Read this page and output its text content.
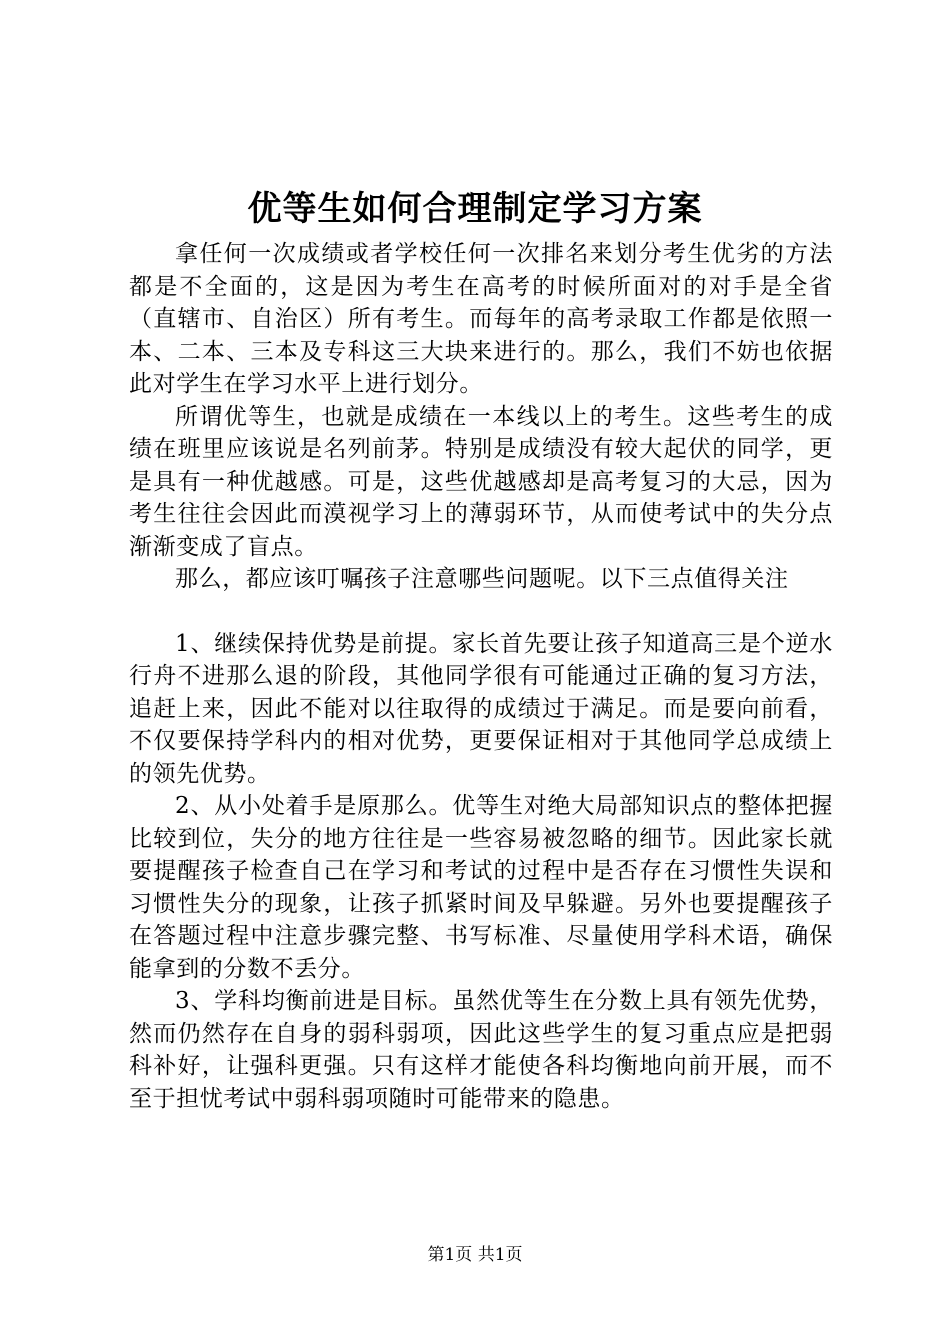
优等生如何合理制定学习方案

拿任何一次成绩或者学校任何一次排名来划分考生优劣的方法都是不全面的，这是因为考生在高考的时候所面对的对手是全省（直辖市、自治区）所有考生。而每年的高考录取工作都是依照一本、二本、三本及专科这三大块来进行的。那么，我们不妨也依据此对学生在学习水平上进行划分。

所谓优等生，也就是成绩在一本线以上的考生。这些考生的成绩在班里应该说是名列前茅。特别是成绩没有较大起伏的同学，更是具有一种优越感。可是，这些优越感却是高考复习的大忌，因为考生往往会因此而漠视学习上的薄弱环节，从而使考试中的失分点渐渐变成了盲点。

那么，都应该叮嘱孩子注意哪些问题呢。以下三点值得关注

1、继续保持优势是前提。家长首先要让孩子知道高三是个逆水行舟不进那么退的阶段，其他同学很有可能通过正确的复习方法，追赶上来，因此不能对以往取得的成绩过于满足。而是要向前看，不仅要保持学科内的相对优势，更要保证相对于其他同学总成绩上的领先优势。

2、从小处着手是原那么。优等生对绝大局部知识点的整体把握比较到位，失分的地方往往是一些容易被忽略的细节。因此家长就要提醒孩子检查自己在学习和考试的过程中是否存在习惯性失误和习惯性失分的现象，让孩子抓紧时间及早躲避。另外也要提醒孩子在答题过程中注意步骤完整、书写标准、尽量使用学科术语，确保能拿到的分数不丢分。

3、学科均衡前进是目标。虽然优等生在分数上具有领先优势，然而仍然存在自身的弱科弱项，因此这些学生的复习重点应是把弱科补好，让强科更强。只有这样才能使各科均衡地向前开展，而不至于担忧考试中弱科弱项随时可能带来的隐患。

第1页 共1页
